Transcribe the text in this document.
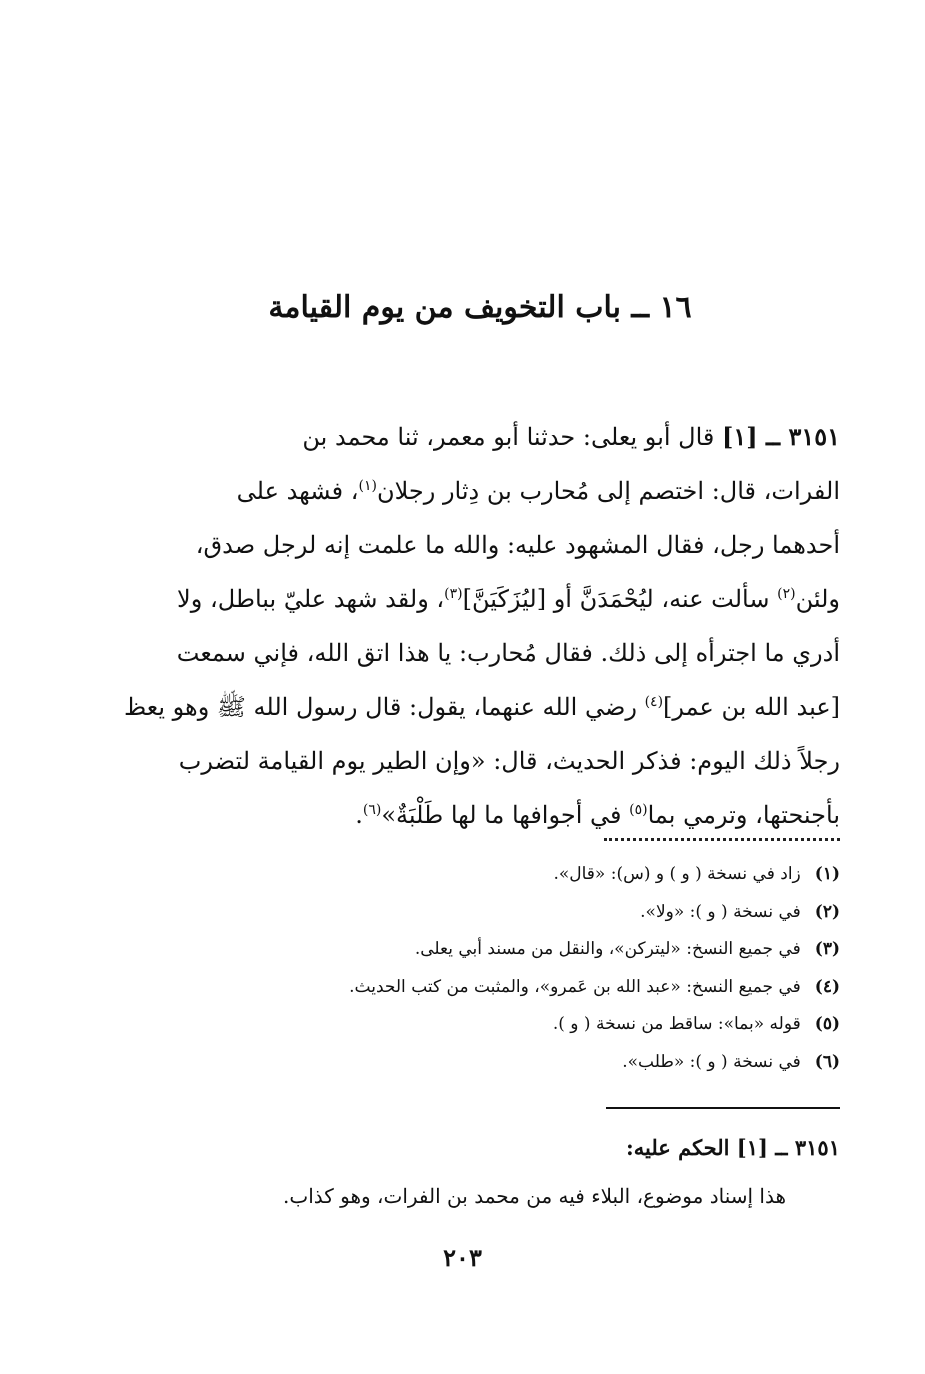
١٦ ــ باب التخويف من يوم القيامة
٣١٥١ ــ [١] قال أبو يعلى: حدثنا أبو معمر، ثنا محمد بن
الفرات، قال: اختصم إلى مُحارب بن دِثار رجلان$^{(١)}$، فشهد على
أحدهما رجل، فقال المشهود عليه: والله ما علمت إنه لرجل صدق،
ولئن$^{(٢)}$ سألت عنه، ليُحْمَدَنَّ أو [ليُزَكَيَنَّ]$^{(٣)}$، ولقد شهد عليّ بباطل، ولا
أدري ما اجترأه إلى ذلك. فقال مُحارب: يا هذا اتق الله، فإني سمعت
[عبد الله بن عمر]$^{(٤)}$ رضي الله عنهما، يقول: قال رسول الله ﷺ وهو يعظ
رجلاً ذلك اليوم: فذكر الحديث، قال: «وإن الطير يوم القيامة لتضرب
بأجنحتها، وترمي بما$^{(٥)}$ في أجوافها ما لها طَلْبَةٌ»$^{(٦)}$.
(١)زاد في نسخة ( و ) و (س): «قال».
(٢)في نسخة ( و ): «ولا».
(٣)في جميع النسخ: «ليتركن»، والنقل من مسند أبي يعلى.
(٤)في جميع النسخ: «عبد الله بن عَمرو»، والمثبت من كتب الحديث.
(٥)قوله «بما»: ساقط من نسخة ( و ).
(٦)في نسخة ( و ): «طلب».
٣١٥١ ــ [١] الحكم عليه:
هذا إسناد موضوع، البلاء فيه من محمد بن الفرات، وهو كذاب.
٢٠٣
